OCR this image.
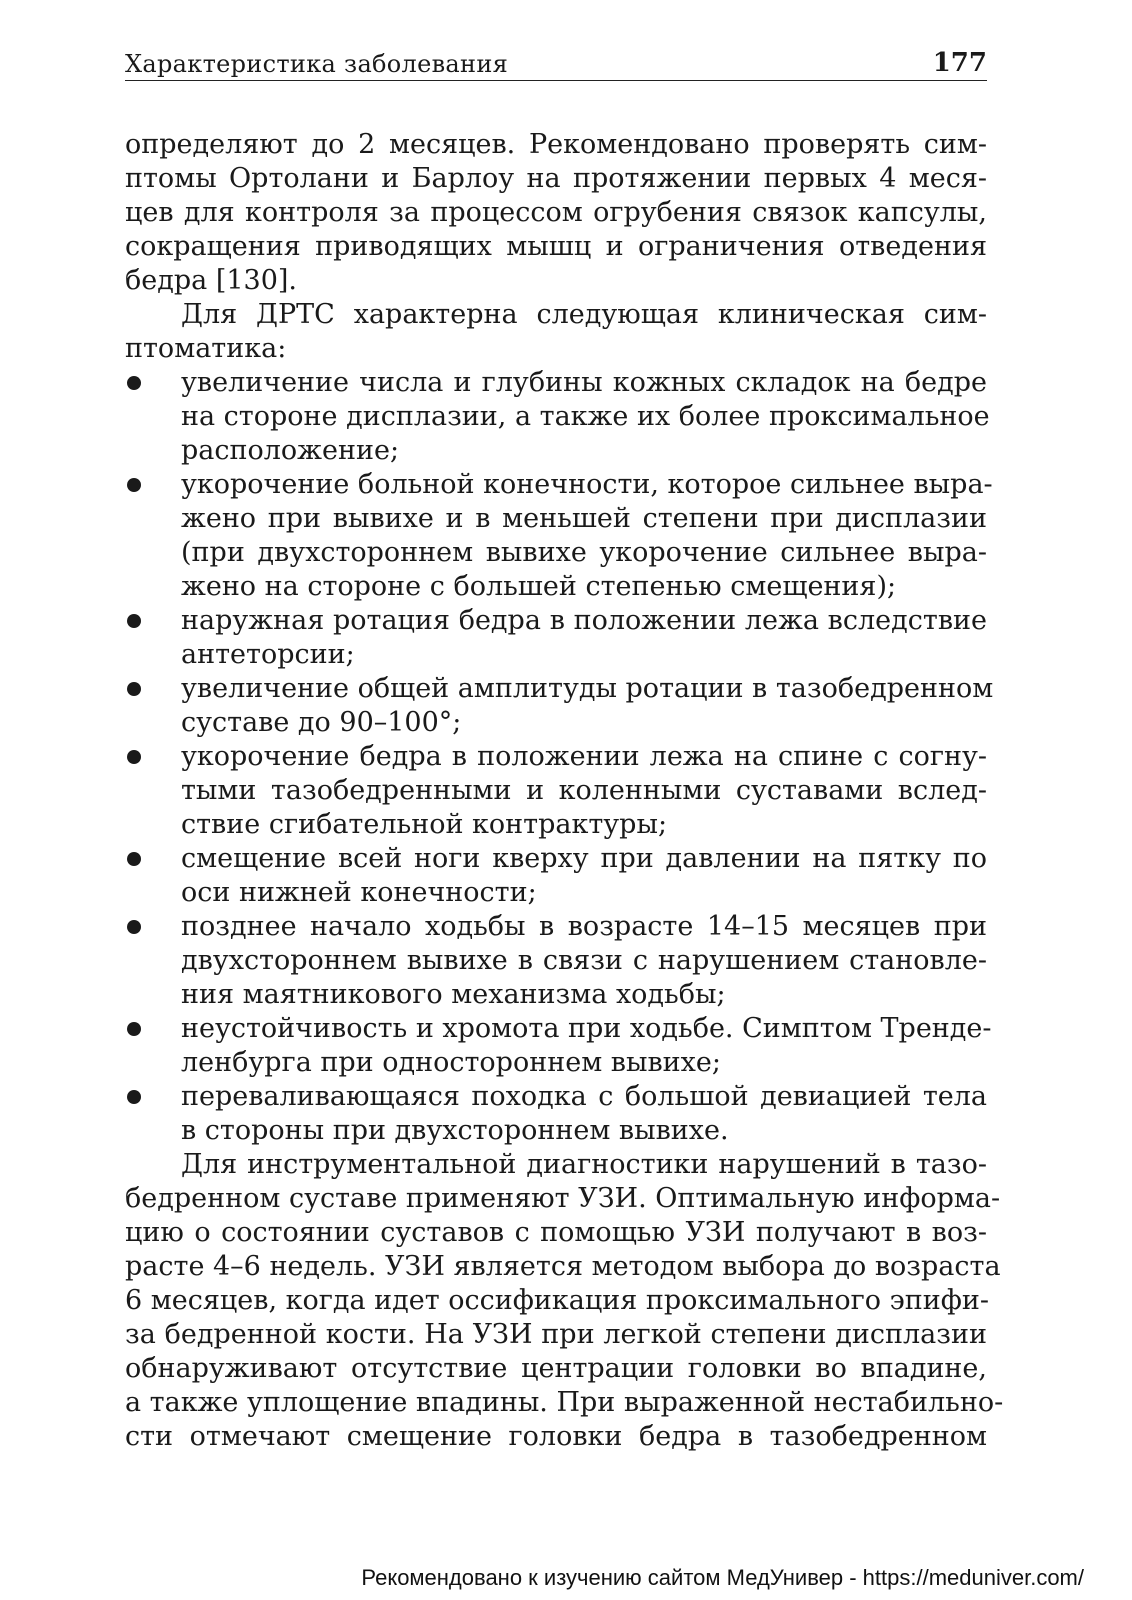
Характеристика заболевания	177

определяют до 2 месяцев. Рекомендовано проверять сим-
птомы Ортолани и Барлоу на протяжении первых 4 меся-
цев для контроля за процессом огрубения связок капсулы,
сокращения приводящих мышц и ограничения отведения
бедра [130].

Для ДРТС характерна следующая клиническая сим-
птоматика:

увеличение числа и глубины кожных складок на бедре
на стороне дисплазии, а также их более проксимальное
расположение;

укорочение больной конечности, которое сильнее выра-
жено при вывихе и в меньшей степени при дисплазии
(при двухстороннем вывихе укорочение сильнее выра-
жено на стороне с большей степенью смещения);

наружная ротация бедра в положении лежа вследствие
антеторсии;

увеличение общей амплитуды ротации в тазобедренном
суставе до 90–100°;

укорочение бедра в положении лежа на спине с согну-
тыми тазобедренными и коленными суставами вслед-
ствие сгибательной контрактуры;

смещение всей ноги кверху при давлении на пятку по
оси нижней конечности;

позднее начало ходьбы в возрасте 14–15 месяцев при
двухстороннем вывихе в связи с нарушением становле-
ния маятникового механизма ходьбы;

неустойчивость и хромота при ходьбе. Симптом Тренде-
ленбурга при одностороннем вывихе;

переваливающаяся походка с большой девиацией тела
в стороны при двухстороннем вывихе.

Для инструментальной диагностики нарушений в тазо-
бедренном суставе применяют УЗИ. Оптимальную информа-
цию о состоянии суставов с помощью УЗИ получают в воз-
расте 4–6 недель. УЗИ является методом выбора до возраста
6 месяцев, когда идет оссификация проксимального эпифи-
за бедренной кости. На УЗИ при легкой степени дисплазии
обнаруживают отсутствие центрации головки во впадине,
а также уплощение впадины. При выраженной нестабильно-
сти отмечают смещение головки бедра в тазобедренном

Рекомендовано к изучению сайтом МедУнивер - https://meduniver.com/
